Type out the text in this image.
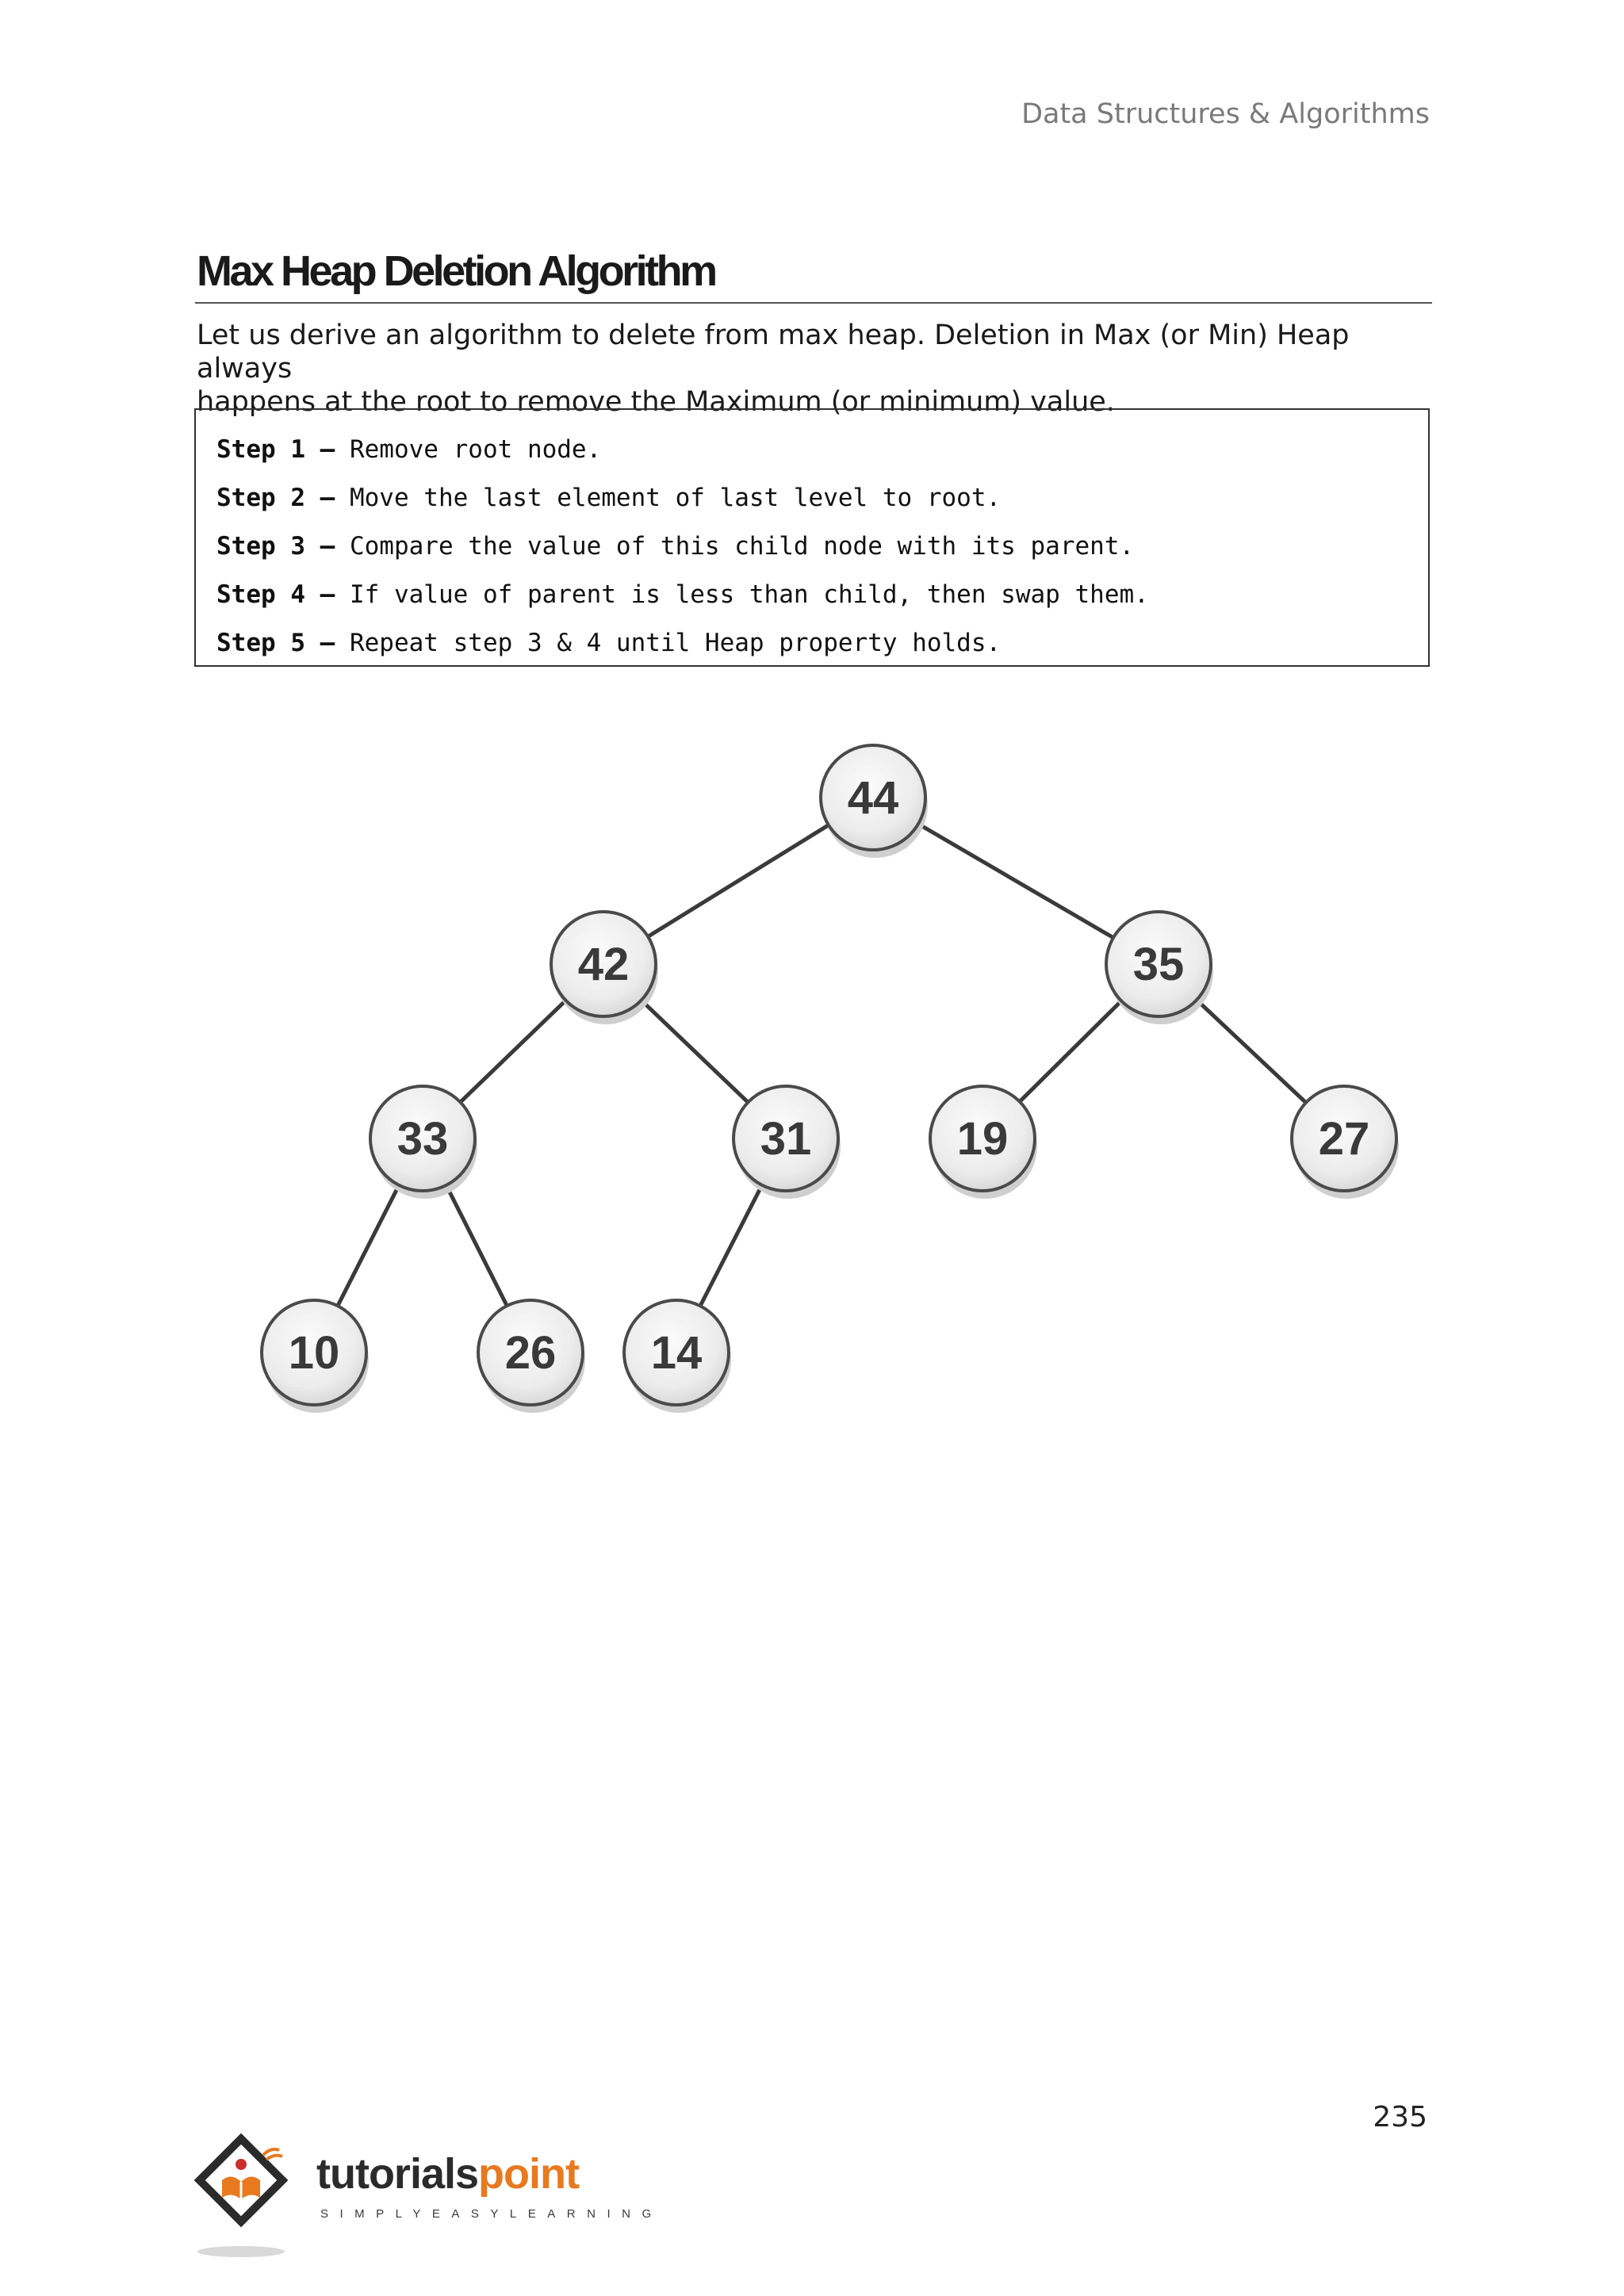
Data Structures & Algorithms
Max Heap Deletion Algorithm
Let us derive an algorithm to delete from max heap. Deletion in Max (or Min) Heap always
happens at the root to remove the Maximum (or minimum) value.
Step 1 – Remove root node.
Step 2 – Move the last element of last level to root.
Step 3 – Compare the value of this child node with its parent.
Step 4 – If value of parent is less than child, then swap them.
Step 5 – Repeat step 3 & 4 until Heap property holds.
44
42	35
33	31	19	27
10	26 14
235
tutorialspoint
SIMPLYEASYLEARNING
